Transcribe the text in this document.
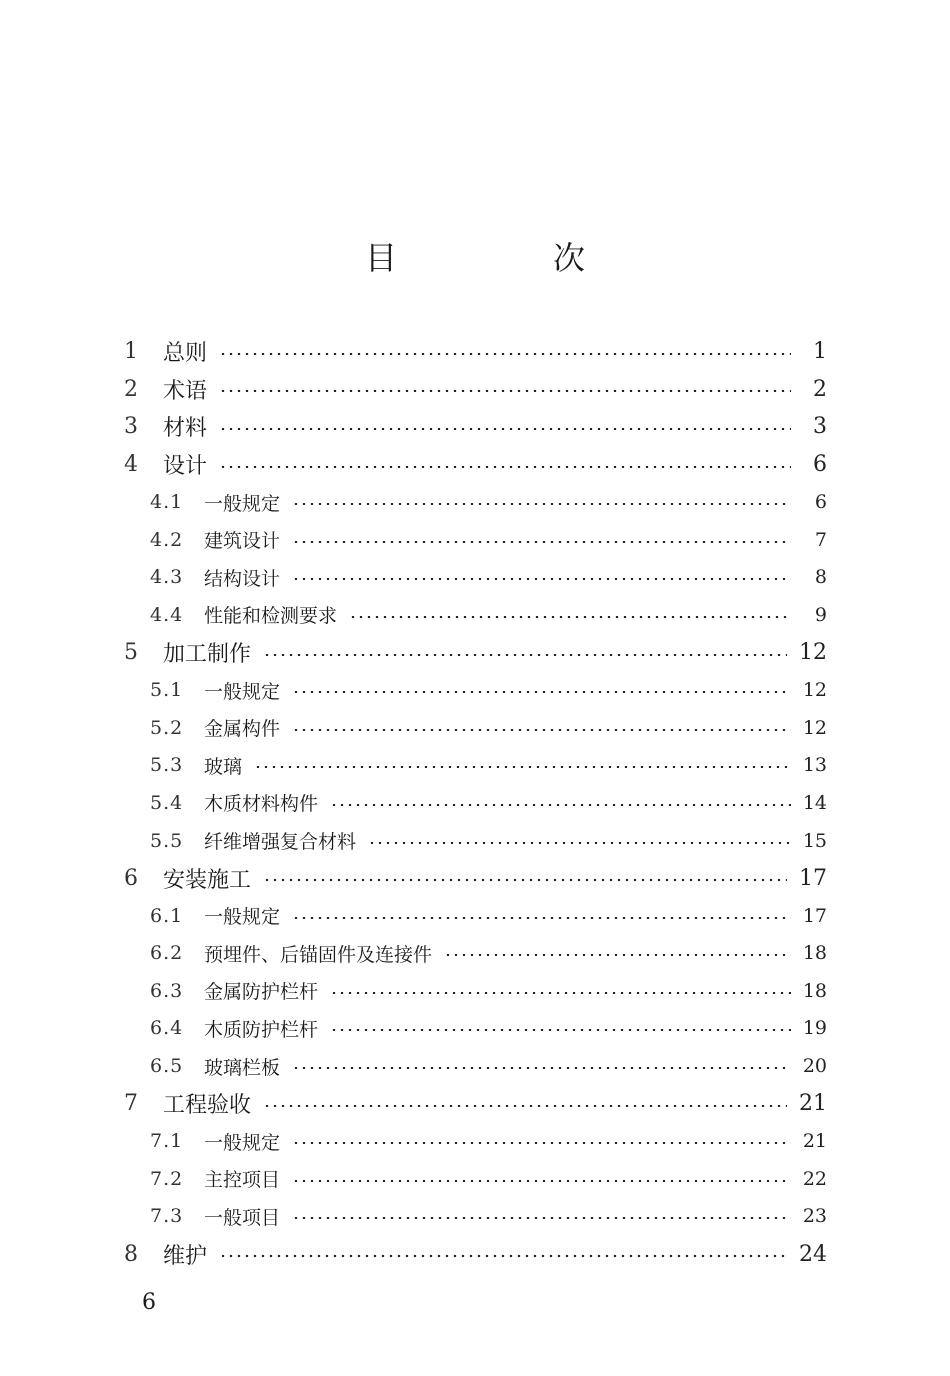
目　次
1	总则	1
2	术语	2
3	材料	3
4	设计	6
4.1	一般规定	6
4.2	建筑设计	7
4.3	结构设计	8
4.4	性能和检测要求	9
5	加工制作	12
5.1	一般规定	12
5.2	金属构件	12
5.3	玻璃	13
5.4	木质材料构件	14
5.5	纤维增强复合材料	15
6	安装施工	17
6.1	一般规定	17
6.2	预埋件、后锚固件及连接件	18
6.3	金属防护栏杆	18
6.4	木质防护栏杆	19
6.5	玻璃栏板	20
7	工程验收	21
7.1	一般规定	21
7.2	主控项目	22
7.3	一般项目	23
8	维护	24
6
